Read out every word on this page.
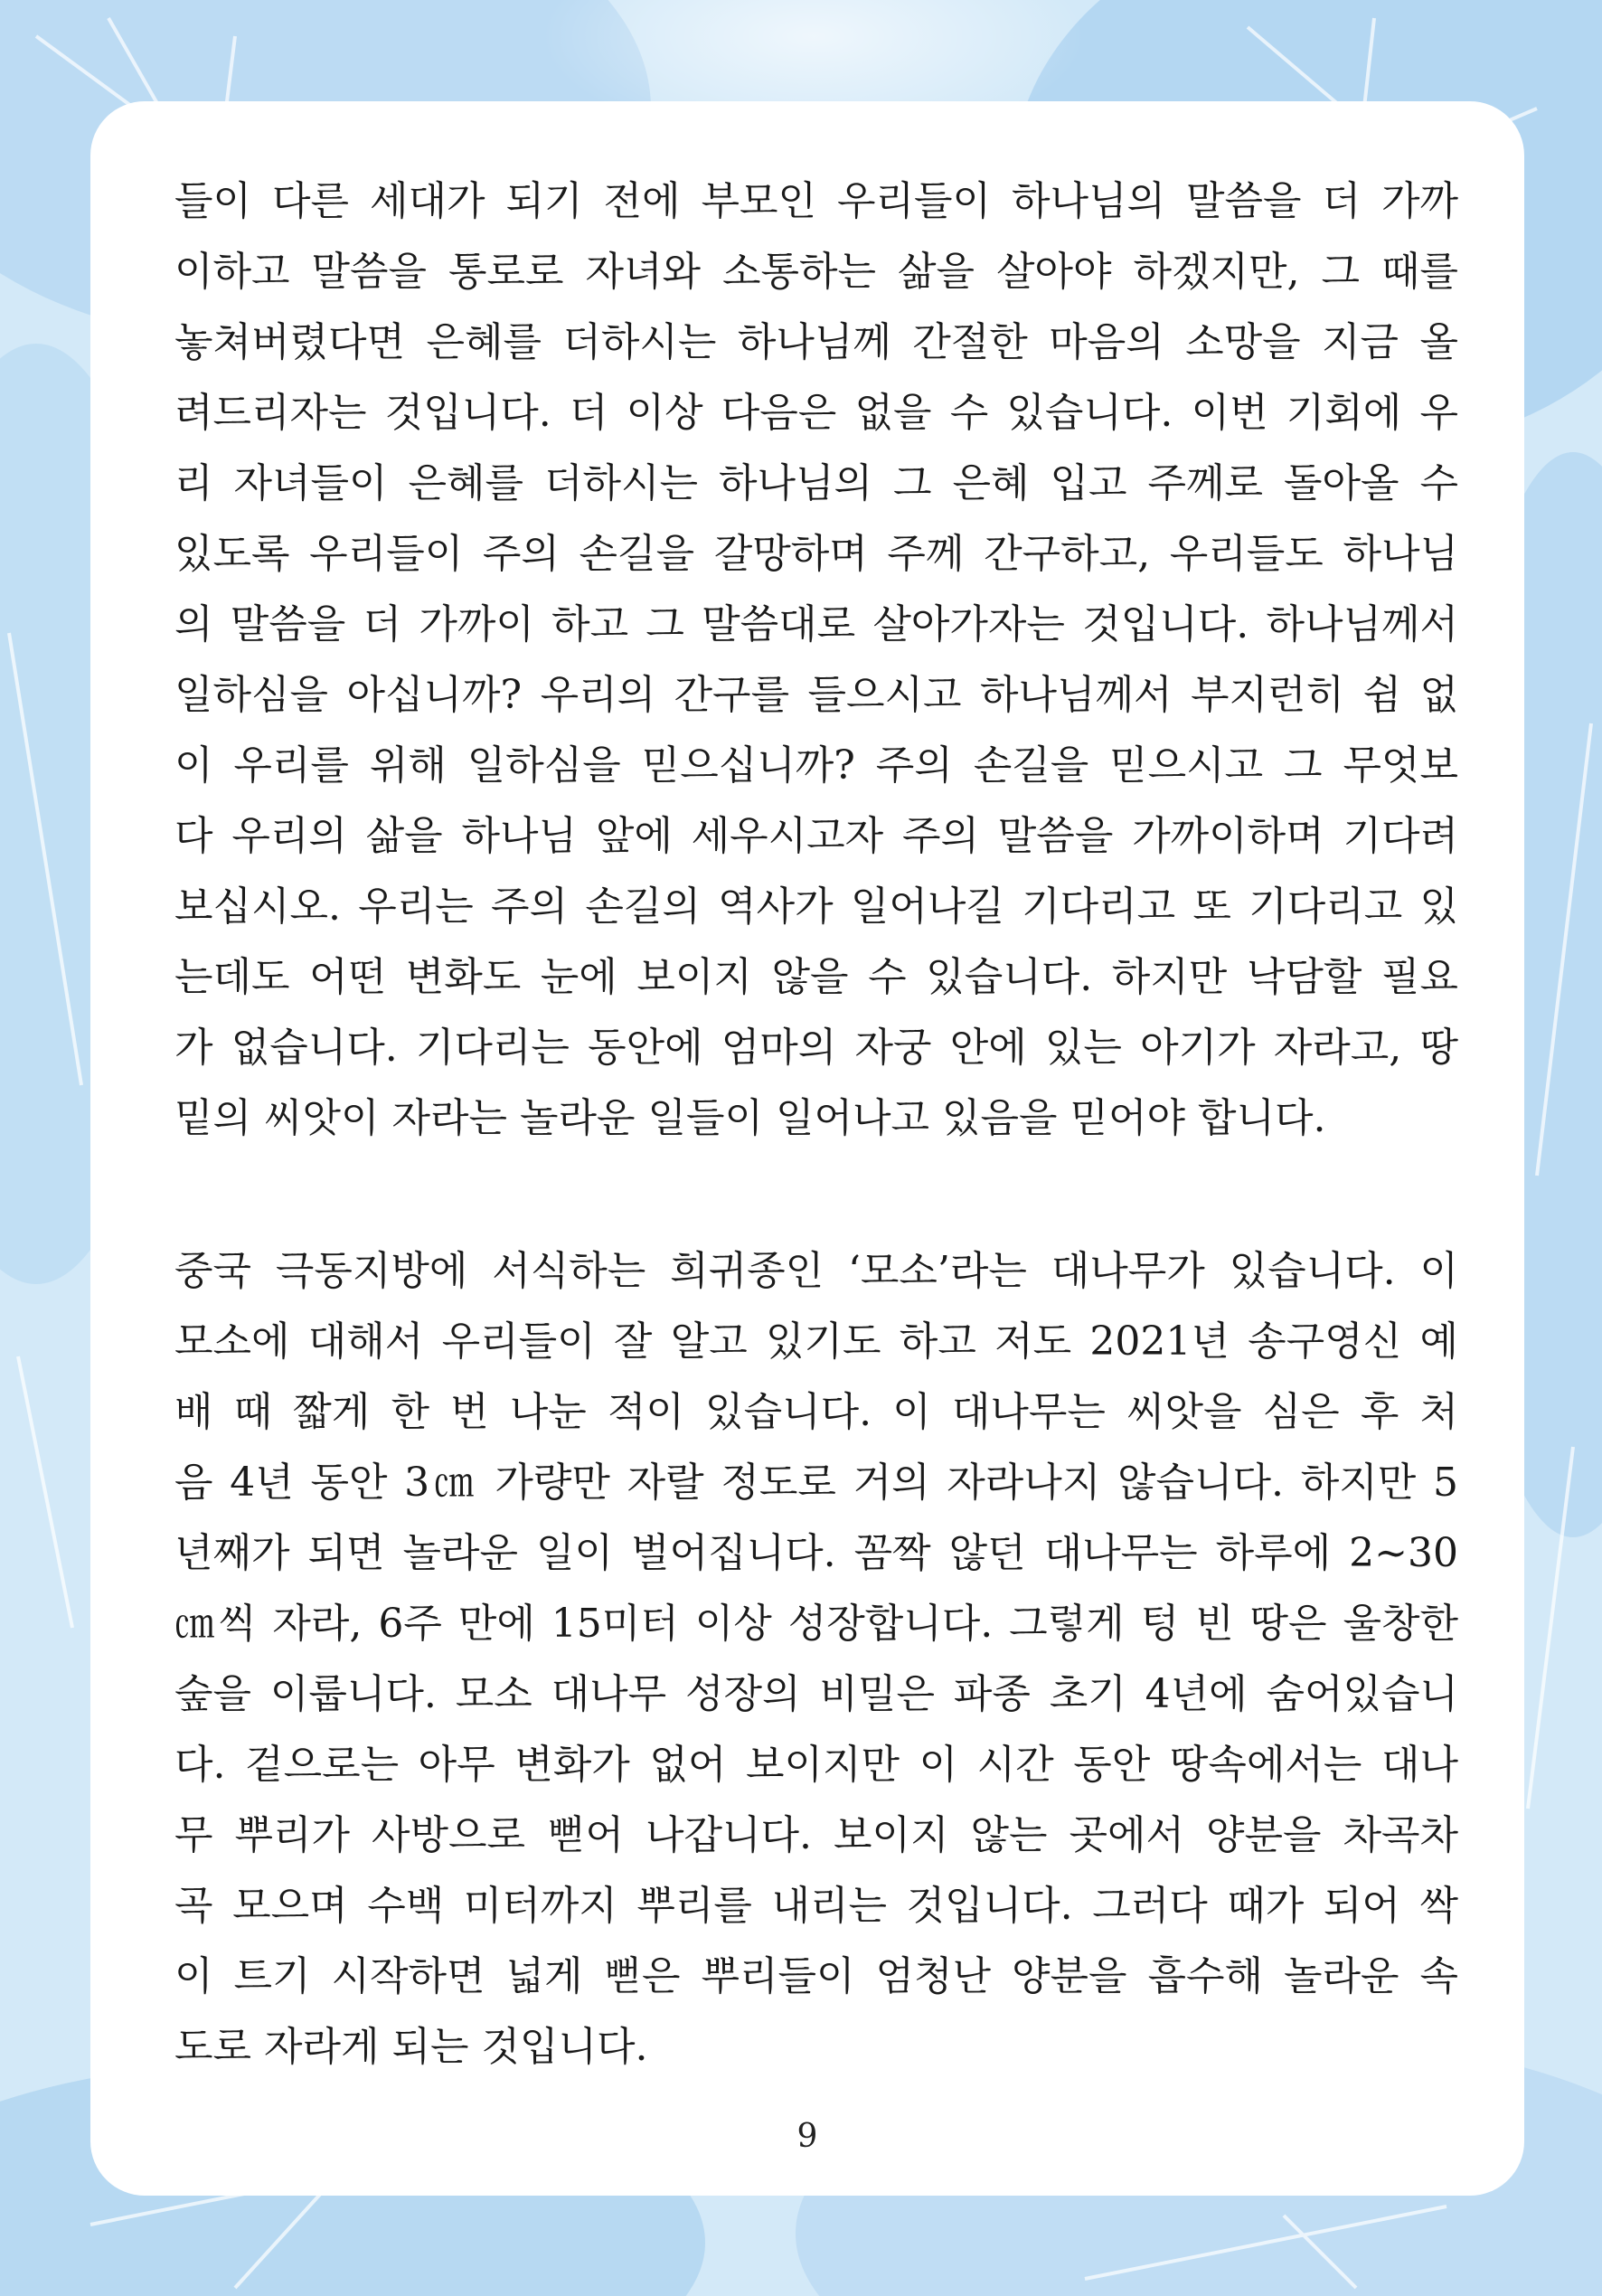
들이 다른 세대가 되기 전에 부모인 우리들이 하나님의 말씀을 더 가까
이하고 말씀을 통로로 자녀와 소통하는 삶을 살아야 하겠지만, 그 때를
놓쳐버렸다면 은혜를 더하시는 하나님께 간절한 마음의 소망을 지금 올
려드리자는 것입니다. 더 이상 다음은 없을 수 있습니다. 이번 기회에 우
리 자녀들이 은혜를 더하시는 하나님의 그 은혜 입고 주께로 돌아올 수
있도록 우리들이 주의 손길을 갈망하며 주께 간구하고, 우리들도 하나님
의 말씀을 더 가까이 하고 그 말씀대로 살아가자는 것입니다. 하나님께서
일하심을 아십니까? 우리의 간구를 들으시고 하나님께서 부지런히 쉼 없
이 우리를 위해 일하심을 믿으십니까? 주의 손길을 믿으시고 그 무엇보
다 우리의 삶을 하나님 앞에 세우시고자 주의 말씀을 가까이하며 기다려
보십시오. 우리는 주의 손길의 역사가 일어나길 기다리고 또 기다리고 있
는데도 어떤 변화도 눈에 보이지 않을 수 있습니다. 하지만 낙담할 필요
가 없습니다. 기다리는 동안에 엄마의 자궁 안에 있는 아기가 자라고, 땅
밑의 씨앗이 자라는 놀라운 일들이 일어나고 있음을 믿어야 합니다.
중국 극동지방에 서식하는 희귀종인 ‘모소’라는 대나무가 있습니다. 이
모소에 대해서 우리들이 잘 알고 있기도 하고 저도 2021년 송구영신 예
배 때 짧게 한 번 나눈 적이 있습니다. 이 대나무는 씨앗을 심은 후 처
음 4년 동안 3㎝ 가량만 자랄 정도로 거의 자라나지 않습니다. 하지만 5
년째가 되면 놀라운 일이 벌어집니다. 꼼짝 않던 대나무는 하루에 2~30
㎝씩 자라, 6주 만에 15미터 이상 성장합니다. 그렇게 텅 빈 땅은 울창한
숲을 이룹니다. 모소 대나무 성장의 비밀은 파종 초기 4년에 숨어있습니
다. 겉으로는 아무 변화가 없어 보이지만 이 시간 동안 땅속에서는 대나
무 뿌리가 사방으로 뻗어 나갑니다. 보이지 않는 곳에서 양분을 차곡차
곡 모으며 수백 미터까지 뿌리를 내리는 것입니다. 그러다 때가 되어 싹
이 트기 시작하면 넓게 뻗은 뿌리들이 엄청난 양분을 흡수해 놀라운 속
도로 자라게 되는 것입니다.
9
